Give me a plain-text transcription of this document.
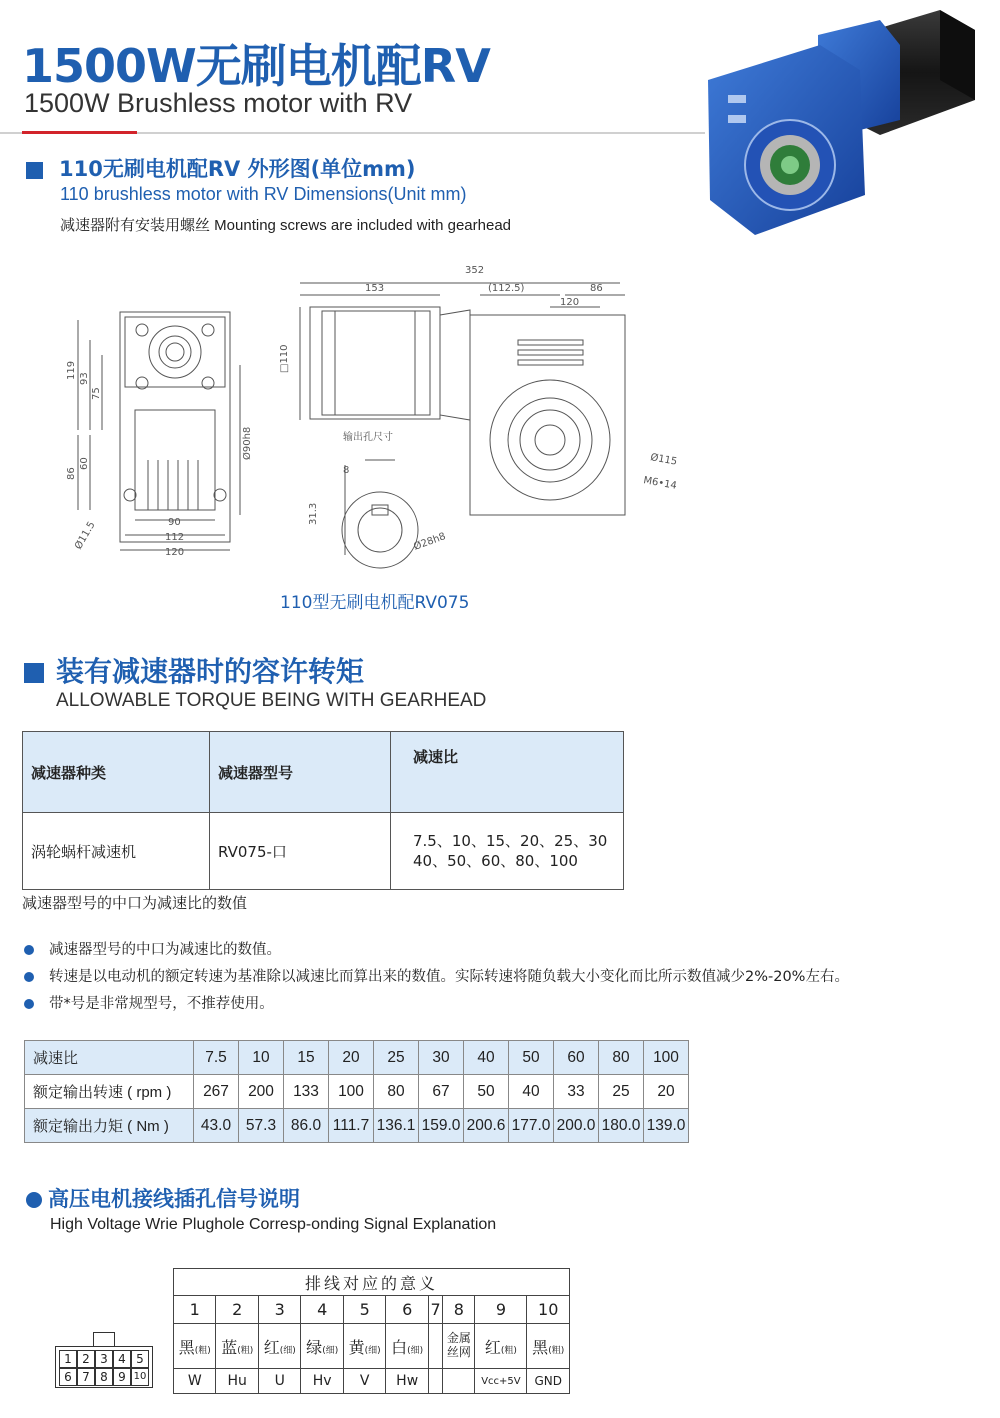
1500W无刷电机配RV
1500W Brushless motor with RV
110无刷电机配RV 外形图(单位mm)
110 brushless motor with RV Dimensions(Unit mm)
减速器附有安装用螺丝 Mounting screws are included with gearhead
119 93
75
86
60
90
112
120
Ø11.5
Ø90h8
352
153	(112.5)	86
120
□110
Ø115
M6•14
输出孔尺寸
8
31.3
Ø28h8
110型无刷电机配RV075
装有减速器时的容许转矩
ALLOWABLE TORQUE BEING WITH GEARHEAD
减速器种类	减速器型号	减速比
涡轮蜗杆减速机	RV075-口	7.5、10、15、20、25、30
40、50、60、80、100
减速器型号的中口为减速比的数值
减速器型号的中口为减速比的数值。
转速是以电动机的额定转速为基准除以减速比而算出来的数值。实际转速将随负载大小变化而比所示数值减少2%-20%左右。
带*号是非常规型号，不推荐使用。
减速比	7.5	10	15	20	25	30	40	50	60	80	100
额定输出转速 ( rpm )	267	200	133	100	80	67	50	40	33	25	20
额定输出力矩 ( Nm )	43.0	57.3	86.0	111.7	136.1	159.0	200.6	177.0	200.0	180.0	139.0
高压电机接线插孔信号说明
High Voltage Wrie Plughole Corresp-onding Signal Explanation
1 2 3 4 5
6 7 8 9 10
排线对应的意义									
1	2	3	4	5	6	7	8	9	10
黑(粗)	蓝(粗)	红(细)	绿(细)	黄(细)	白(细)		金属
丝网	红(粗)	黑(粗)
W	Hu	U	Hv	V	Hw			Vcc+5V	GND
